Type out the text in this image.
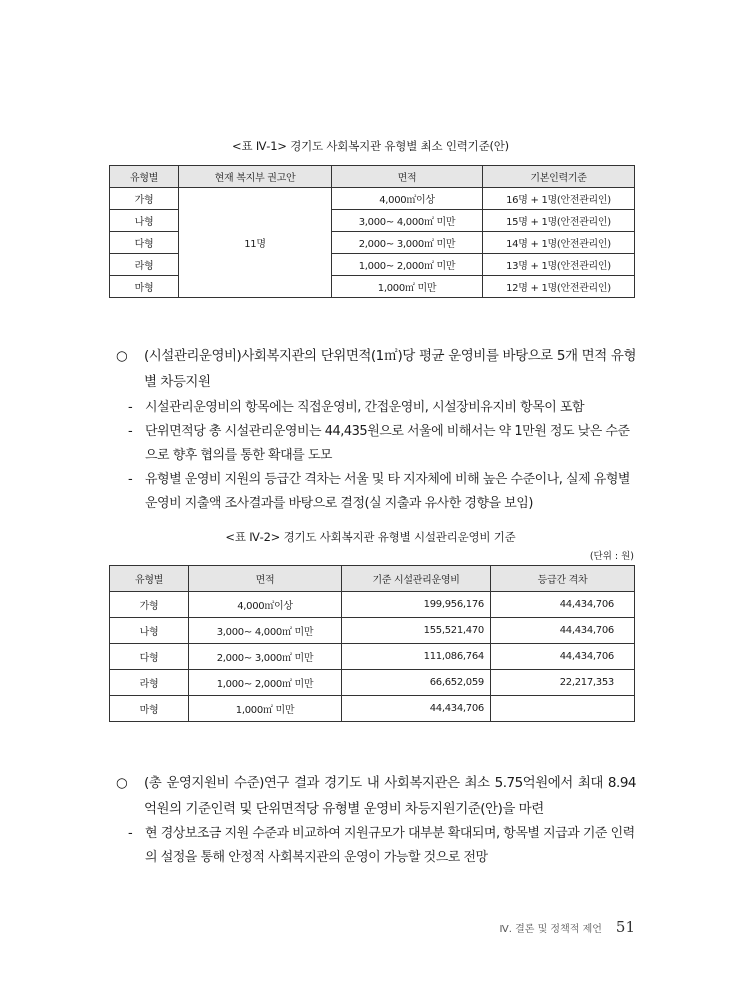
<표 Ⅳ-1> 경기도 사회복지관 유형별 최소 인력기준(안)
유형별	현재 복지부 권고안	면적	기본인력기준
가형	11명	4,000㎡이상	16명 + 1명(안전관리인)
나형		3,000~ 4,000㎡ 미만	15명 + 1명(안전관리인)
다형		2,000~ 3,000㎡ 미만	14명 + 1명(안전관리인)
라형		1,000~ 2,000㎡ 미만	13명 + 1명(안전관리인)
마형		1,000㎡ 미만	12명 + 1명(안전관리인)
○	(시설관리운영비)사회복지관의 단위면적(1㎡)당 평균 운영비를 바탕으로 5개 면적 유형별 차등지원
- 시설관리운영비의 항목에는 직접운영비, 간접운영비, 시설장비유지비 항목이 포함
- 단위면적당 총 시설관리운영비는 44,435원으로 서울에 비해서는 약 1만원 정도 낮은 수준으로 향후 협의를 통한 확대를 도모
- 유형별 운영비 지원의 등급간 격차는 서울 및 타 지자체에 비해 높은 수준이나, 실제 유형별 운영비 지출액 조사결과를 바탕으로 결정(실 지출과 유사한 경향을 보임)
<표 Ⅳ-2> 경기도 사회복지관 유형별 시설관리운영비 기준
(단위 : 원)
유형별	면적	기준 시설관리운영비	등급간 격차
가형	4,000㎡이상	199,956,176	44,434,706
나형	3,000~ 4,000㎡ 미만	155,521,470	44,434,706
다형	2,000~ 3,000㎡ 미만	111,086,764	44,434,706
라형	1,000~ 2,000㎡ 미만	66,652,059	22,217,353
마형	1,000㎡ 미만	44,434,706	
○	(총 운영지원비 수준)연구 결과 경기도 내 사회복지관은 최소 5.75억원에서 최대 8.94억원의 기준인력 및 단위면적당 유형별 운영비 차등지원기준(안)을 마련
- 현 경상보조금 지원 수준과 비교하여 지원규모가 대부분 확대되며, 항목별 지급과 기준 인력의 설정을 통해 안정적 사회복지관의 운영이 가능할 것으로 전망
Ⅳ. 결론 및 정책적 제언 51
